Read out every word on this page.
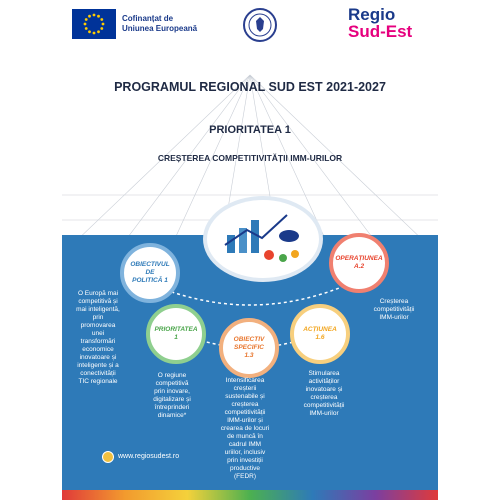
Cofinanțat de
Uniunea Europeană
Regio
Sud-Est
PROGRAMUL REGIONAL SUD EST 2021-2027
PRIORITATEA 1
CREȘTEREA COMPETITIVITĂȚII IMM-URILOR
OBIECTIVUL
DE
POLITICĂ 1
OPERAȚIUNEA
A.2
PRIORITATEA
1	OBIECTIV
SPECIFIC
1.3
ACȚIUNEA
1.6
O Europă mai
competitivă și
mai inteligentă,
prin
promovarea
unei
transformări
economice
inovatoare și
inteligente și a
conectivității
TIC regionale
Creșterea
competitivității
IMM-urilor
O regiune
competitivă
prin inovare,
digitalizare și
întreprinderi
dinamice*
Intensificarea
creșterii
sustenabile și
creșterea
competitivității
IMM-urilor și
crearea de locuri
de muncă în
cadrul IMM
uriilor, inclusiv
prin investiții
productive
(FEDR)
Stimularea
activităților
inovatoare și
creșterea
competitivității
IMM-urilor
www.regiosudest.ro
